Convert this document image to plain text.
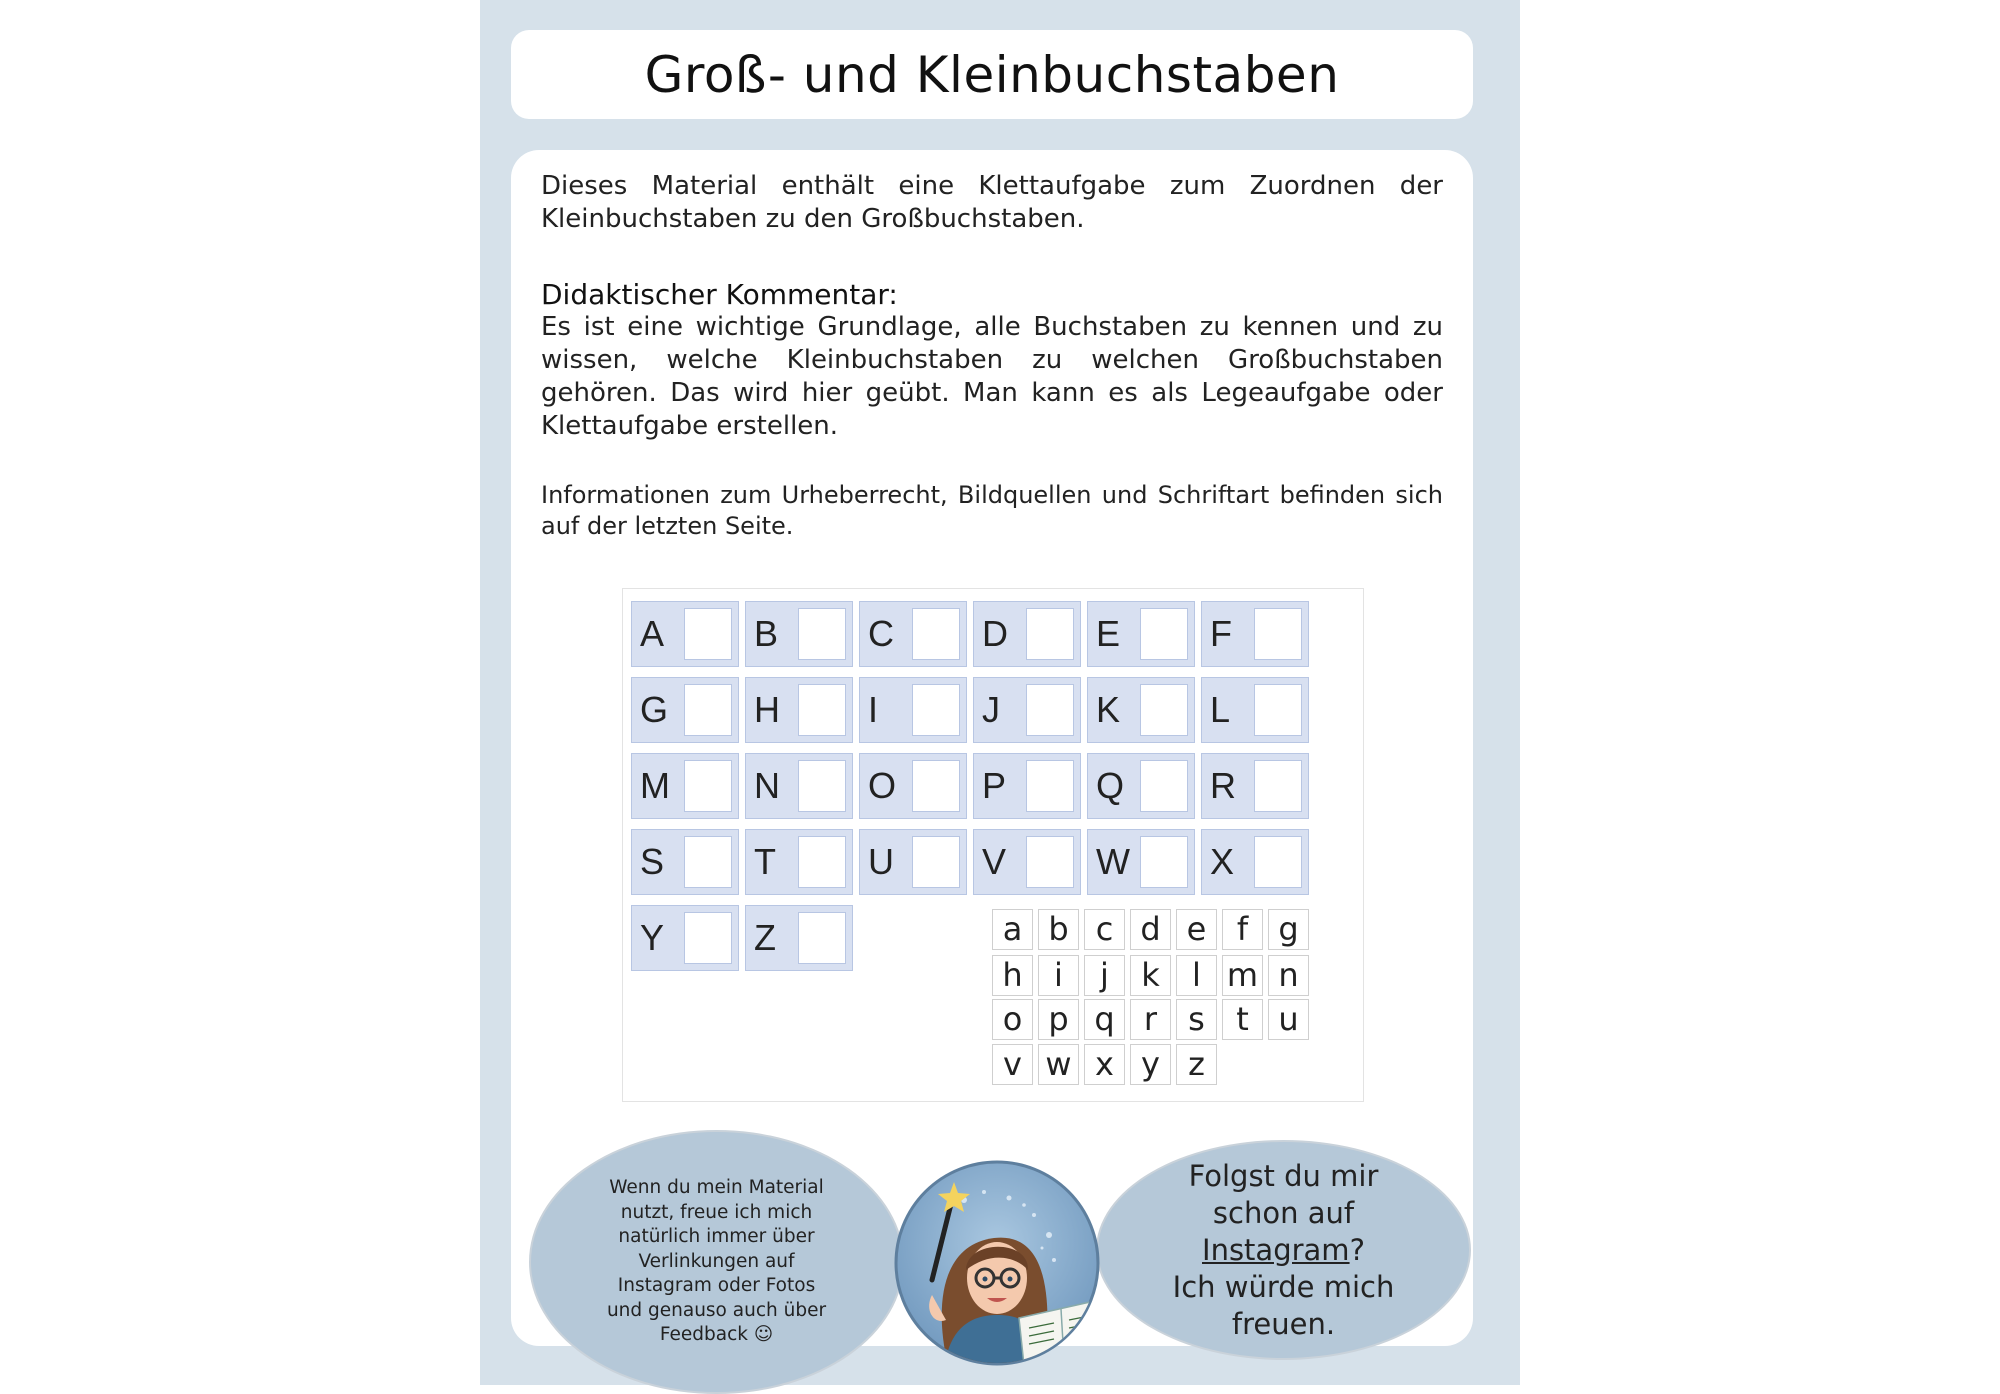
Groß- und Kleinbuchstaben
Dieses Material enthält eine Klettaufgabe zum Zuordnen der Kleinbuchstaben zu den Großbuchstaben.
Didaktischer Kommentar:
Es ist eine wichtige Grundlage, alle Buchstaben zu kennen und zu wissen, welche Kleinbuchstaben zu welchen Großbuchstaben gehören. Das wird hier geübt. Man kann es als Legeaufgabe oder Klettaufgabe erstellen.
Informationen zum Urheberrecht, Bildquellen und Schriftart befinden sich auf der letzten Seite.
A B C D E F
G H I	J	K L
M N O P Q R
S T	U V W X
Y Z	a b c d e f g
h i	j	k	l m n
o p q r s t u
v w x y z

Wenn du mein Material nutzt, freue ich mich natürlich immer über Verlinkungen auf Instagram oder Fotos und genauso auch über Feedback ☺

Folgst du mir schon auf Instagram?
Ich würde mich freuen.
